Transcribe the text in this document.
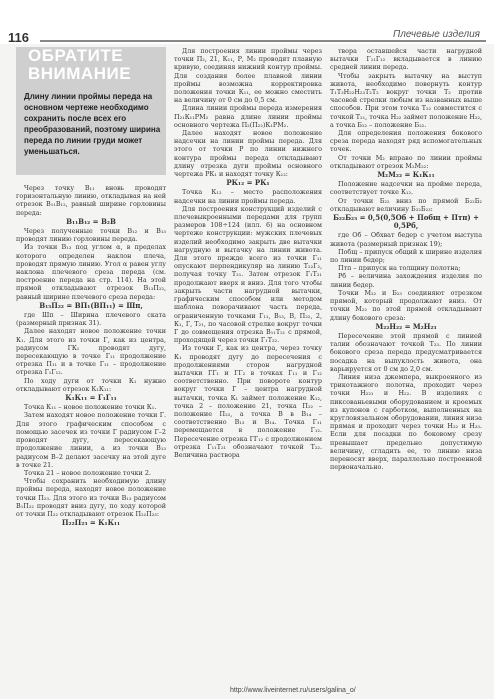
116	Плечевые изделия
ОБРАТИТЕ ВНИМАНИЕ
Длину линии проймы переда на основном чертеже необходимо сохранить после всех его преобразований, поэтому ширина переда по линии груди может уменьшаться.

Через точку В₁₁ вновь проводят горизонтальную линию, откладывая на ней отрезок В₁₁В₁₂, равный ширине горловины переда:

В₁₁В₁₂ = В₂В

Через полученные точки В₁₂ и В₁₃ проводят линию горловины переда.

Из точки В₁₃ под углом α, в пределах которого определен наклон плеча, проводят прямую линию. Угол α равен углу наклона плечевого среза переда (см. построение переда на стр. 114). На этой прямой откладывают отрезок В₁₃П₂₂, равный ширине плечевого среза переда:

В₁₃П₂₂ = ВП₁(ВП₁₁) = Шп,

где Шп – Ширина плечевого ската (размерный признак 31).

Далее находят новое положение точки К₁. Для этого из точки Г, как из центра, радиусом ГК₁ проводят дугу, пересекающую в точке Г₁₁ продолжение отрезка П₁₁ и в точке Г₁₁ – продолжение отрезка Г₁Г₁₂.

По ходу дуги от точки К₁ нужно откладывают отрезок К₁К₁₁:

К₁К₁₁ = Г₁Г₁₁

Точка К₁₁ – новое положение точки К₁.

Затем находят новое положение точки Г. Для этого графическим способом с помощью засечек из точки Г радиусом Г–2 проводят дугу, пересекающую продолжение линии, а из точки В₁₃ радиусом В–2 делают засечку на этой дуге в точке 21.

Точка 21 – новое положение точки 2.

Чтобы сохранить необходимую длину проймы переда, находят новое положение точки П₂₃. Для этого из точки В₁₃ радиусом В₁П₂₂ проводят вниз дугу, по ходу которой от точки П₂₂ откладывают отрезок П₂₂П₂₃:

П₂₂П₂₃ = К₁К₁₁

Для построения линии проймы через точки П₂, 21, К₁₁, Р, М₂ проводят плавную кривую, соединяя нижний контур проймы. Для создания более плавной линии проймы возможна корректировка положения точки К₁₁, ее можно сместить на величину от 0 см до 0,5 см.

Длина линии проймы переда измерения П₂₁К₁₁РМ₂ равна длине линии проймы основного чертежа П₂(П₂₂)К₁РМ₂.

Далее находят новое положение надсечки на линии проймы переда. Для этого от точки Р по линии нижнего контура проймы переда откладывают длину отрезка дуги проймы основного чертежа РК₁ и находят точку К₁₂:

РК₁₂ = РК₁

Точка К₁₂ – место расположения надсечки на линии проймы переда.

Для построения конструкций изделий с плечевыкроенными передами для групп размеров 108÷124 (илл. 6) на основном чертеже конструкции: мужских плечевых изделий необходимо закрыть две вытачки нагрудную и вытачку на линии живота. Для этого прежде всего из точки Г₁₁ опускают перпендикуляр на линию Т₂₂Г₂, получая точку Т₂₁. Затем отрезок Г₁Т₂₁ продолжают вверх и вниз. Для того чтобы закрыть части нагрудной вытачки, графическим способом или методом шаблона поворачивают часть переда, ограниченную точками Г₁₁, В₁₃, В, П₂₂, 2, К₁, Г, Т₂₁, по часовой стрелке вокруг точки Г до совмещения отрезка В₁₁Т₂₁ с прямой, проходящей через точки Г₁Т₂₂.

Из точки Г, как из центра, через точку К₁ проводят дугу до пересечения с продолжениями сторон нагрудной вытачки ГГ₁ и ГГ₂ в точках Г₁₁ и Г₁₂ соответственно. При повороте контур вокруг точки Г – центра нагрудной вытачки, точка К₁ займет положение К₁₂, точка 2 – положение 21, точка П₂₂ – положение П₂₃, а точка В в В₁₄ – соответственно В₁₃ и В₁₄. Точка Г₁₁ перемещается в положение Г₁₂. Пересечение отрезка ГГ₁₂ с продолжением отрезка Г₁₁Т₂₁ обозначают точкой Т₂₂. Величина раствора

твора оставшейся части нагрудной вытачки Г₁₁Г₁₂ вкладывается в линию средней линии переда.

Чтобы закрыть вытачку на выступ живота, необходимо повернуть контур Т₁Т₂Н₂₂Н₂₃Т₂Т₂ вокруг точки Т₂ против часовой стрелки любым из названных выше способов. При этом точка Т₂₂ совместится с точкой Т₂₁, точка Н₂₂ займет положение Н₂₂, а точка Б₂₂ – положение Б₂₂.

Для определения положения бокового среза переда находят ряд вспомогательных точек.

От точки М₂ вправо по линии проймы откладывают отрезок М₂М₂₂:

М₂М₂₂ = К₁К₁₁

Положение надсечки на пройме переда, соответствует точке К₁₂.

От точки Б₂₂ вниз по прямой Б₂₂Б₂ откладывают величину Б₂₂Б₂₃:

Б₂₂Б₂₃ = 0,5(0,5Об + Побщ + Птп) + 0,5Рб,

где Об – Обхват бедер с учетом выступа живота (размерный признак 19);

Побщ – припуск общий к ширине изделия по линии бедер;

Птп – припуск на толщину полотна;

Рб – величина захождения изделия по линии бедер.

Точки М₂₂ и Б₂₃ соединяют отрезком прямой, который продолжают вниз. От точки М₂₂ по этой прямой откладывают длину бокового среза:

М₂₂Н₂₂ = М₂Н₂₃

Пересечение этой прямой с линией талии обозначают точкой Т₂₃. По линии бокового среза переда предусматривается посадка на выпуклость живота, она варьируется от 0 см до 2,0 см.

Линия низа джемпера, выкроенного из трикотажного полотна, проходит через точки Н₂₂₁ и Н₂₂. В изделиях с пиксованьевыми оборудованием и кроемых из купонов с гарботком, выполненных на кругловязальном оборудовании, линия низа прямая и проходит через точки Н₂₂ и Н₂₃. Если для посадки по боковому срезу превышает предельно допустимую величину, сгладить ее, то линию низа переносят вверх, параллельно построенной первоначально.

http://www.liveinternet.ru/users/galina_o/
